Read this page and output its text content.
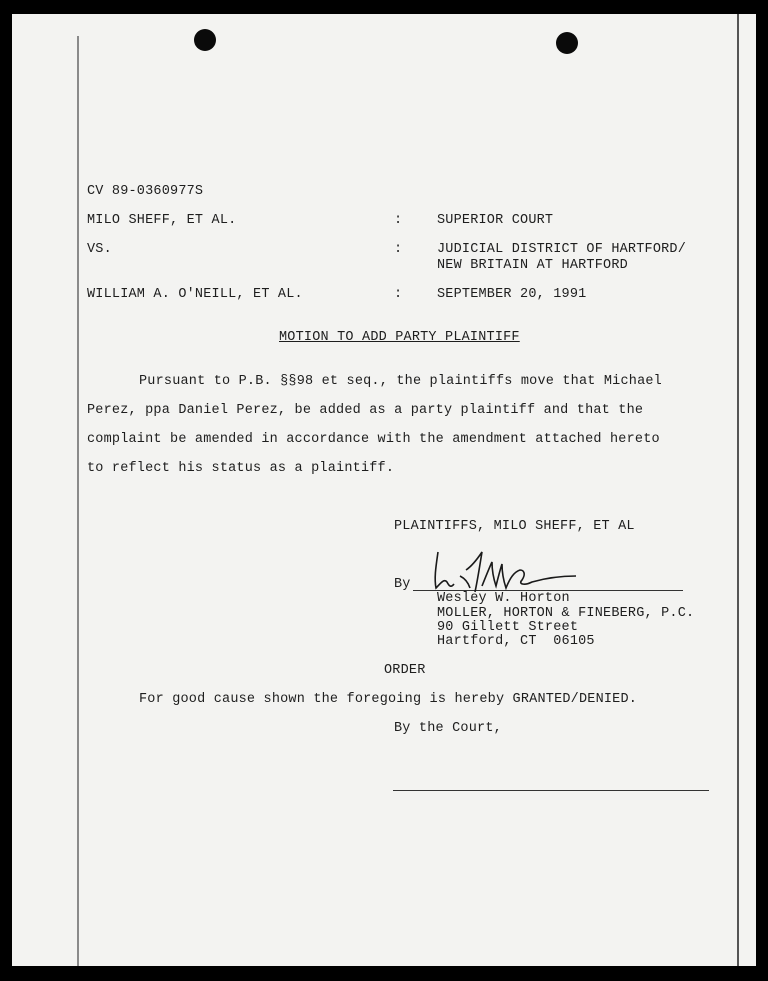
CV 89-0360977S
MILO SHEFF, ET AL.	:	SUPERIOR COURT
VS.	:	JUDICIAL DISTRICT OF HARTFORD/
NEW BRITAIN AT HARTFORD
WILLIAM A. O'NEILL, ET AL.	:	SEPTEMBER 20, 1991
MOTION TO ADD PARTY PLAINTIFF
Pursuant to P.B. §§98 et seq., the plaintiffs move that Michael
Perez, ppa Daniel Perez, be added as a party plaintiff and that the
complaint be amended in accordance with the amendment attached hereto
to reflect his status as a plaintiff.
PLAINTIFFS, MILO SHEFF, ET AL
By
Wesley W. Horton
MOLLER, HORTON & FINEBERG, P.C.
90 Gillett Street
Hartford, CT  06105
ORDER
For good cause shown the foregoing is hereby GRANTED/DENIED.
By the Court,
